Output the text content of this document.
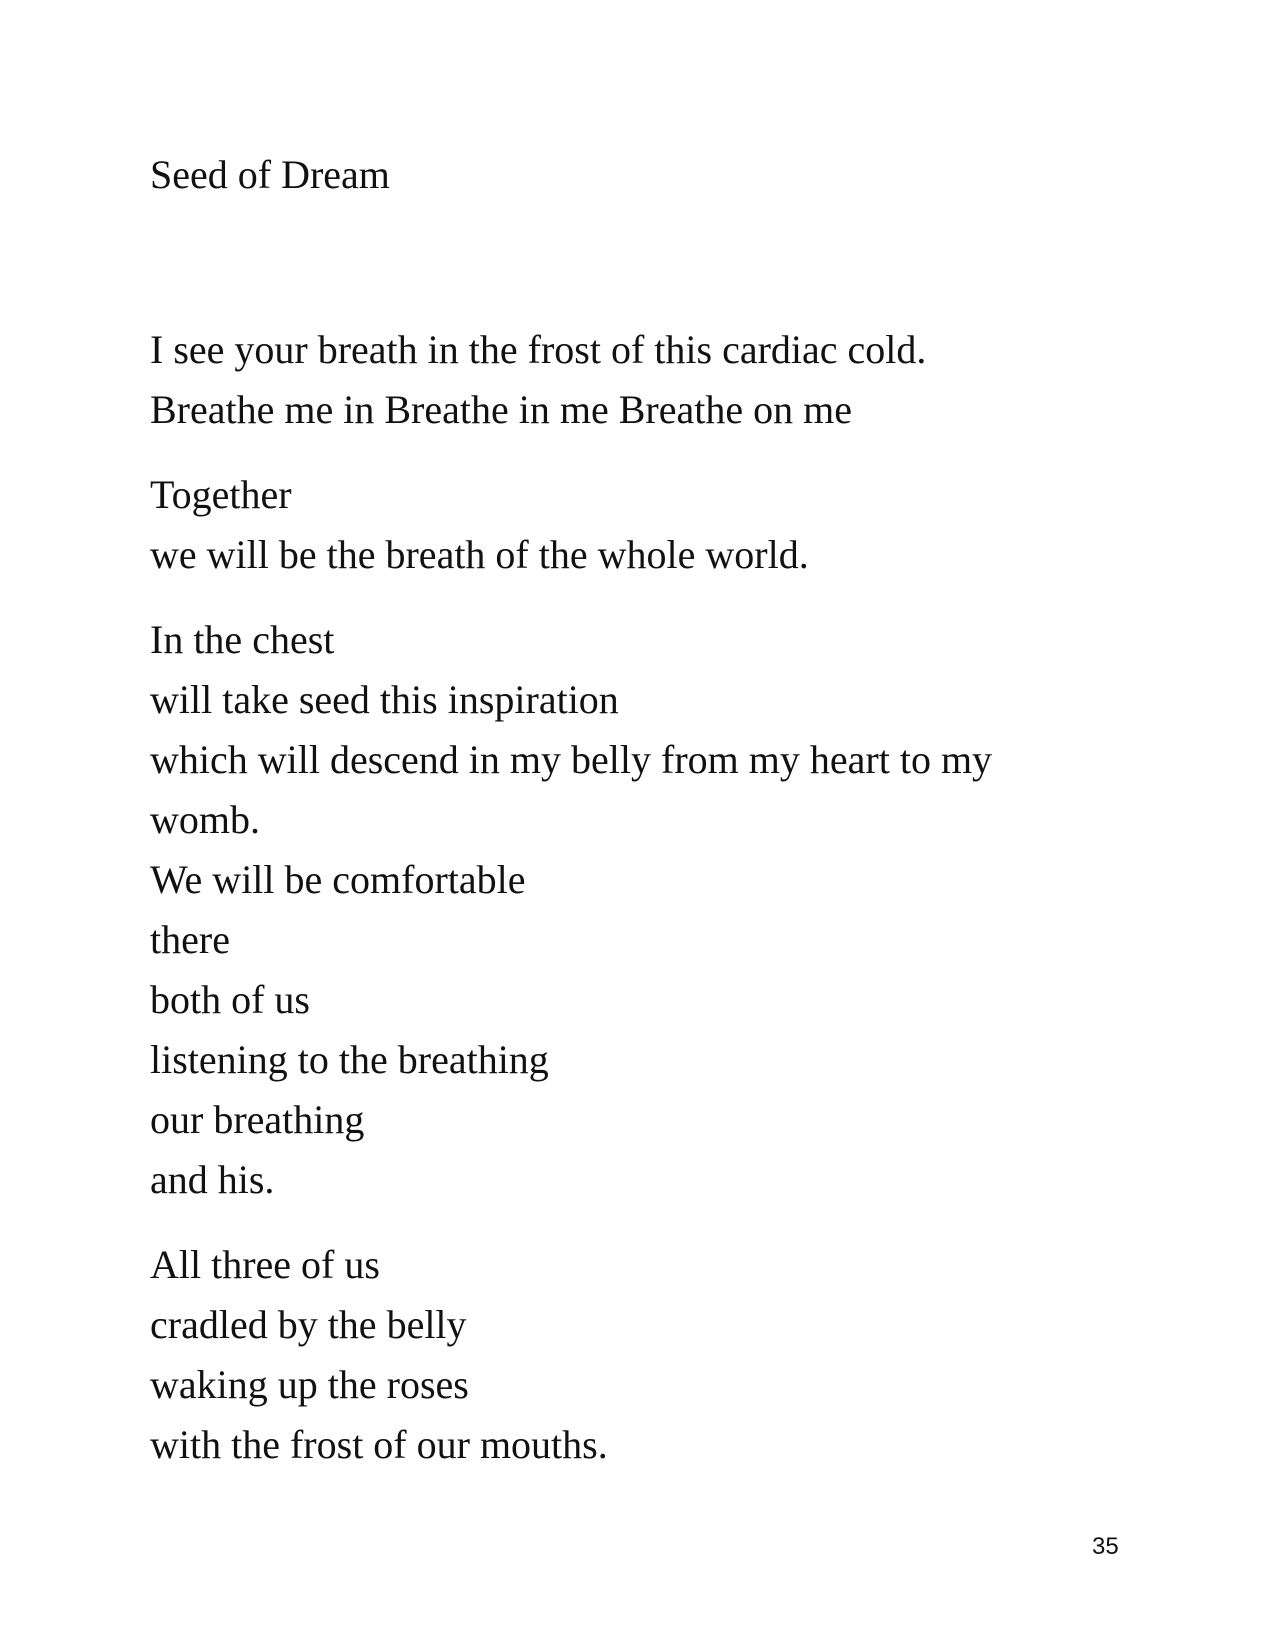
Seed of Dream
I see your breath in the frost of this cardiac cold.
Breathe me in Breathe in me Breathe on me
Together
we will be the breath of the whole world.
In the chest
will take seed this inspiration
which will descend in my belly from my heart to my
womb.
We will be comfortable
there
both of us
listening to the breathing
our breathing
and his.
All three of us
cradled by the belly
waking up the roses
with the frost of our mouths.
35
